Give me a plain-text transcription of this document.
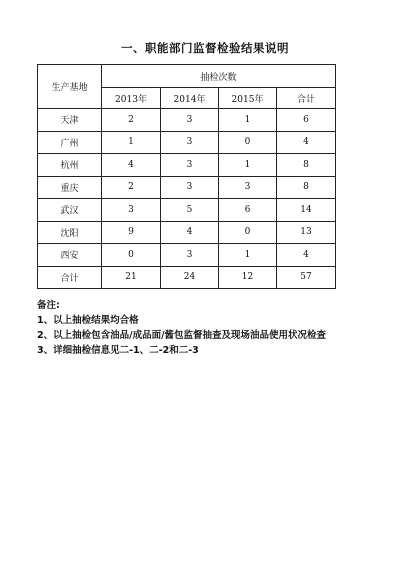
一、职能部门监督检验结果说明
生产基地	抽检次数			
	2013年	2014年	2015年	合计
天津	2	3	1	6
广州	1	3	0	4
杭州	4	3	1	8
重庆	2	3	3	8
武汉	3	5	6	14
沈阳	9	4	0	13
西安	0	3	1	4
合计	21	24	12	57
备注:
1、以上抽检结果均合格
2、以上抽检包含油品/成品面/酱包监督抽查及现场油品使用状况检查
3、详细抽检信息见二-1、二-2和二-3
